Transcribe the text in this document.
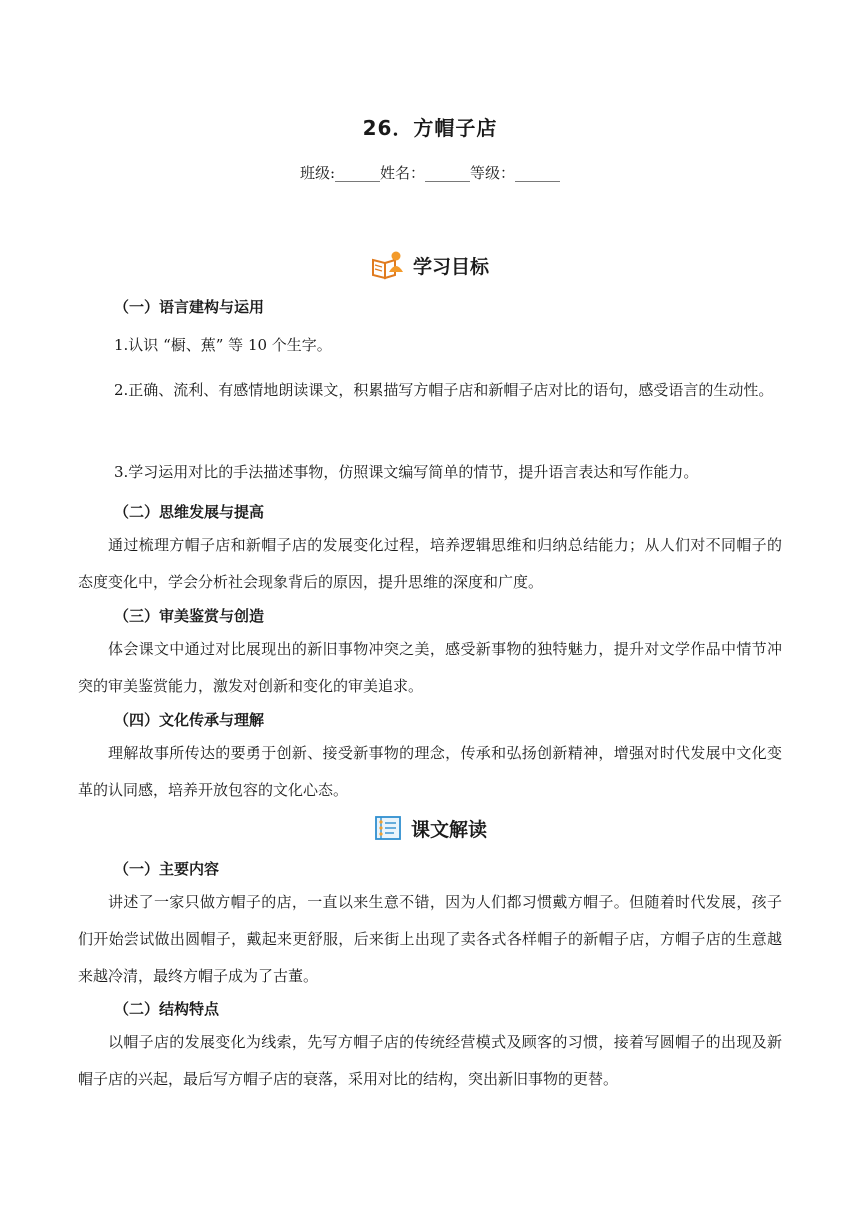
26．方帽子店
班级:______姓名：______等级：______
学习目标
（一）语言建构与运用

1.认识 “橱、蕉” 等 10 个生字。

2.正确、流利、有感情地朗读课文，积累描写方帽子店和新帽子店对比的语句，感受语言的生动性。

3.学习运用对比的手法描述事物，仿照课文编写简单的情节，提升语言表达和写作能力。

（二）思维发展与提高

通过梳理方帽子店和新帽子店的发展变化过程，培养逻辑思维和归纳总结能力；从人们对不同帽子的态度变化中，学会分析社会现象背后的原因，提升思维的深度和广度。

（三）审美鉴赏与创造

体会课文中通过对比展现出的新旧事物冲突之美，感受新事物的独特魅力，提升对文学作品中情节冲突的审美鉴赏能力，激发对创新和变化的审美追求。

（四）文化传承与理解

理解故事所传达的要勇于创新、接受新事物的理念，传承和弘扬创新精神，增强对时代发展中文化变革的认同感，培养开放包容的文化心态。

课文解读
（一）主要内容

讲述了一家只做方帽子的店，一直以来生意不错，因为人们都习惯戴方帽子。但随着时代发展，孩子们开始尝试做出圆帽子，戴起来更舒服，后来街上出现了卖各式各样帽子的新帽子店，方帽子店的生意越来越冷清，最终方帽子成为了古董。

（二）结构特点

以帽子店的发展变化为线索，先写方帽子店的传统经营模式及顾客的习惯，接着写圆帽子的出现及新帽子店的兴起，最后写方帽子店的衰落，采用对比的结构，突出新旧事物的更替。
